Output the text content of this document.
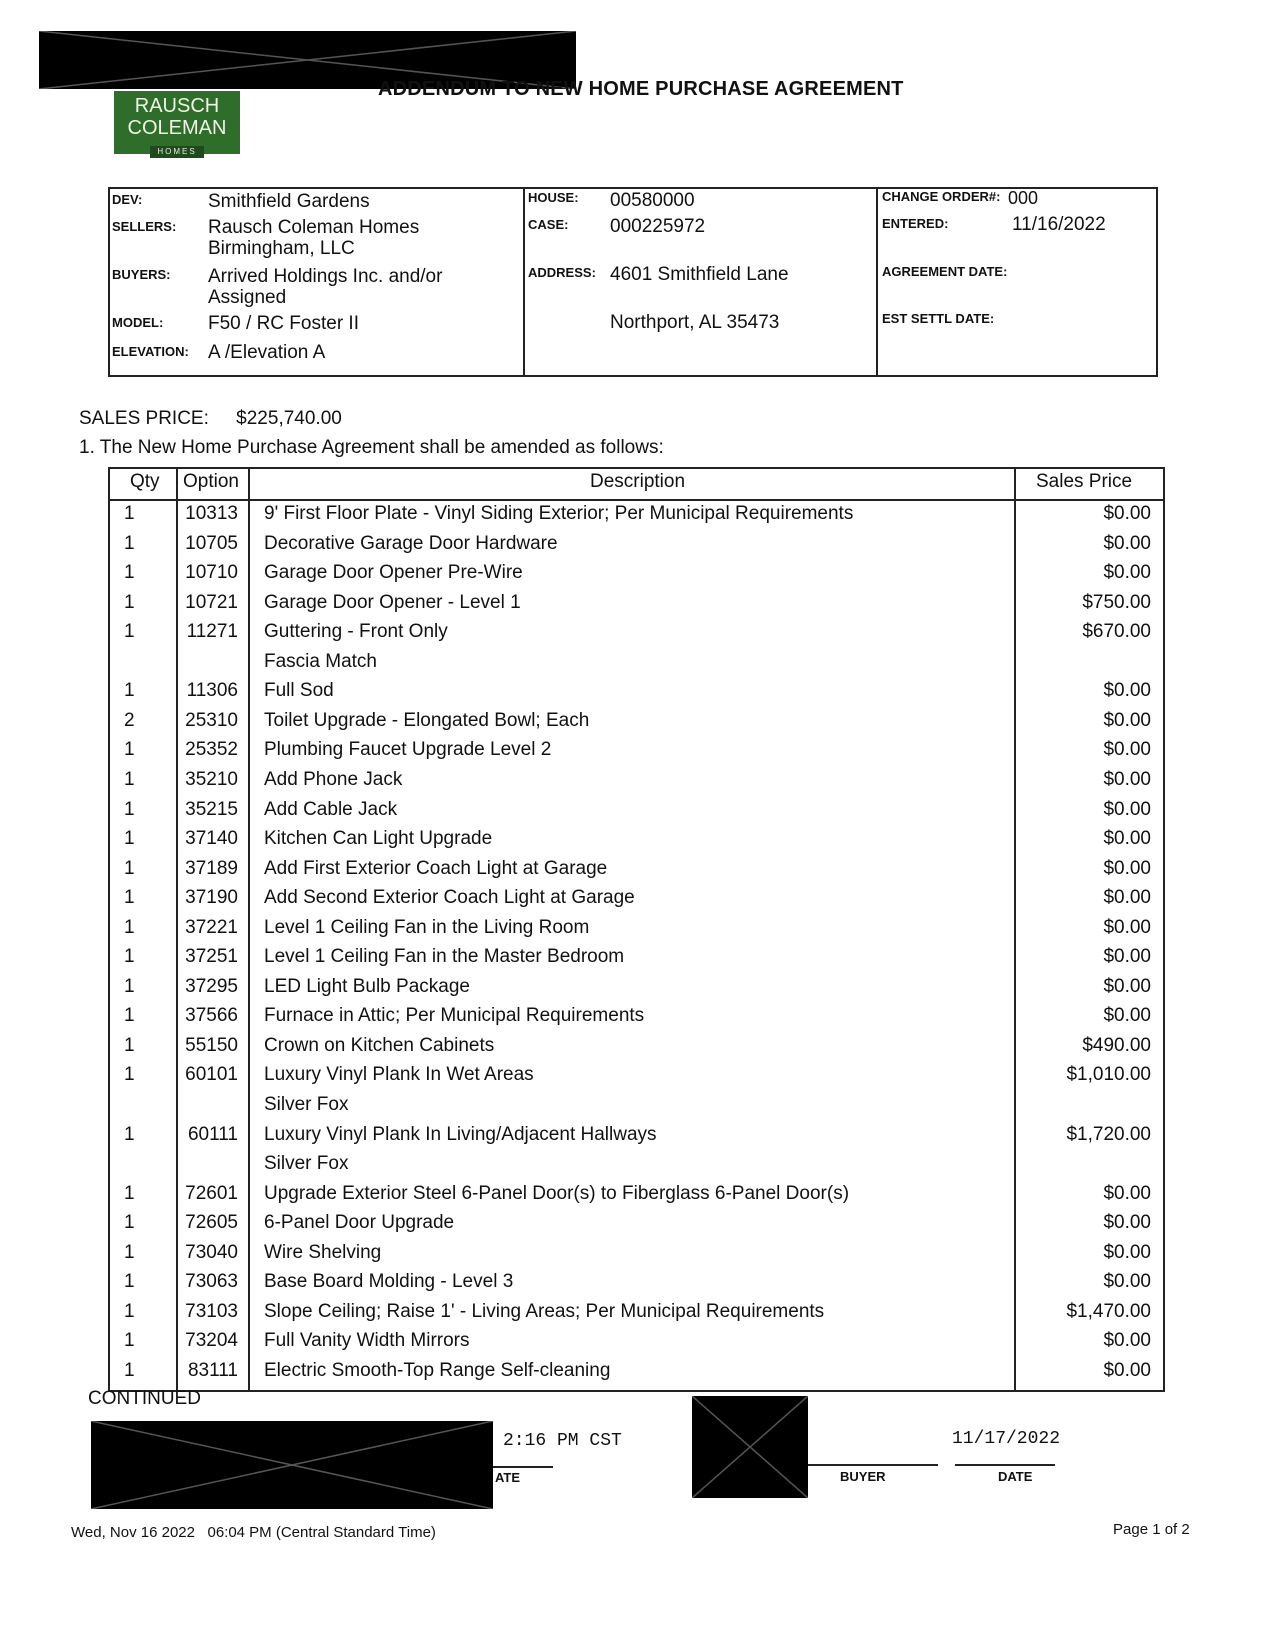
ADDENDUM TO NEW HOME PURCHASE AGREEMENT
RAUSCH
COLEMAN
HOMES
DEV:	Smithfield Gardens
SELLERS: Rausch Coleman Homes
Birmingham, LLC
BUYERS: Arrived Holdings Inc. and/or
Assigned
MODEL: F50 / RC Foster II
ELEVATION: A /Elevation A
HOUSE: 00580000
CASE: 000225972
ADDRESS: 4601 Smithfield Lane
Northport, AL 35473
CHANGE ORDER#: 000
ENTERED:	11/16/2022
AGREEMENT DATE:
EST SETTL DATE:
SALES PRICE: $225,740.00
1. The New Home Purchase Agreement shall be amended as follows:
Qty Option	Description	Sales Price
1	10313 9' First Floor Plate - Vinyl Siding Exterior; Per Municipal Requirements	$0.00
1	10705 Decorative Garage Door Hardware	$0.00
1	10710 Garage Door Opener Pre-Wire	$0.00
1	10721 Garage Door Opener - Level 1	$750.00
1	11271 Guttering - Front Only	$670.00
Fascia Match
1	11306 Full Sod	$0.00
2	25310 Toilet Upgrade - Elongated Bowl; Each	$0.00
1	25352 Plumbing Faucet Upgrade Level 2	$0.00
1	35210 Add Phone Jack	$0.00
1	35215 Add Cable Jack	$0.00
1	37140 Kitchen Can Light Upgrade	$0.00
1	37189 Add First Exterior Coach Light at Garage	$0.00
1	37190 Add Second Exterior Coach Light at Garage	$0.00
1	37221 Level 1 Ceiling Fan in the Living Room	$0.00
1	37251 Level 1 Ceiling Fan in the Master Bedroom	$0.00
1	37295 LED Light Bulb Package	$0.00
1	37566 Furnace in Attic; Per Municipal Requirements	$0.00
1	55150 Crown on Kitchen Cabinets	$490.00
1	60101 Luxury Vinyl Plank In Wet Areas	$1,010.00
Silver Fox
1	60111 Luxury Vinyl Plank In Living/Adjacent Hallways	$1,720.00
Silver Fox
1	72601 Upgrade Exterior Steel 6-Panel Door(s) to Fiberglass 6-Panel Door(s)	$0.00
1	72605 6-Panel Door Upgrade	$0.00
1	73040 Wire Shelving	$0.00
1	73063 Base Board Molding - Level 3	$0.00
1	73103 Slope Ceiling; Raise 1' - Living Areas; Per Municipal Requirements	$1,470.00
1	73204 Full Vanity Width Mirrors	$0.00
1	83111 Electric Smooth-Top Range Self-cleaning	$0.00
CONTINUED
2:16 PM CST
ATE	BUYER
11/17/2022
DATE
Wed, Nov 16 2022   06:04 PM (Central Standard Time)	Page 1 of 2
